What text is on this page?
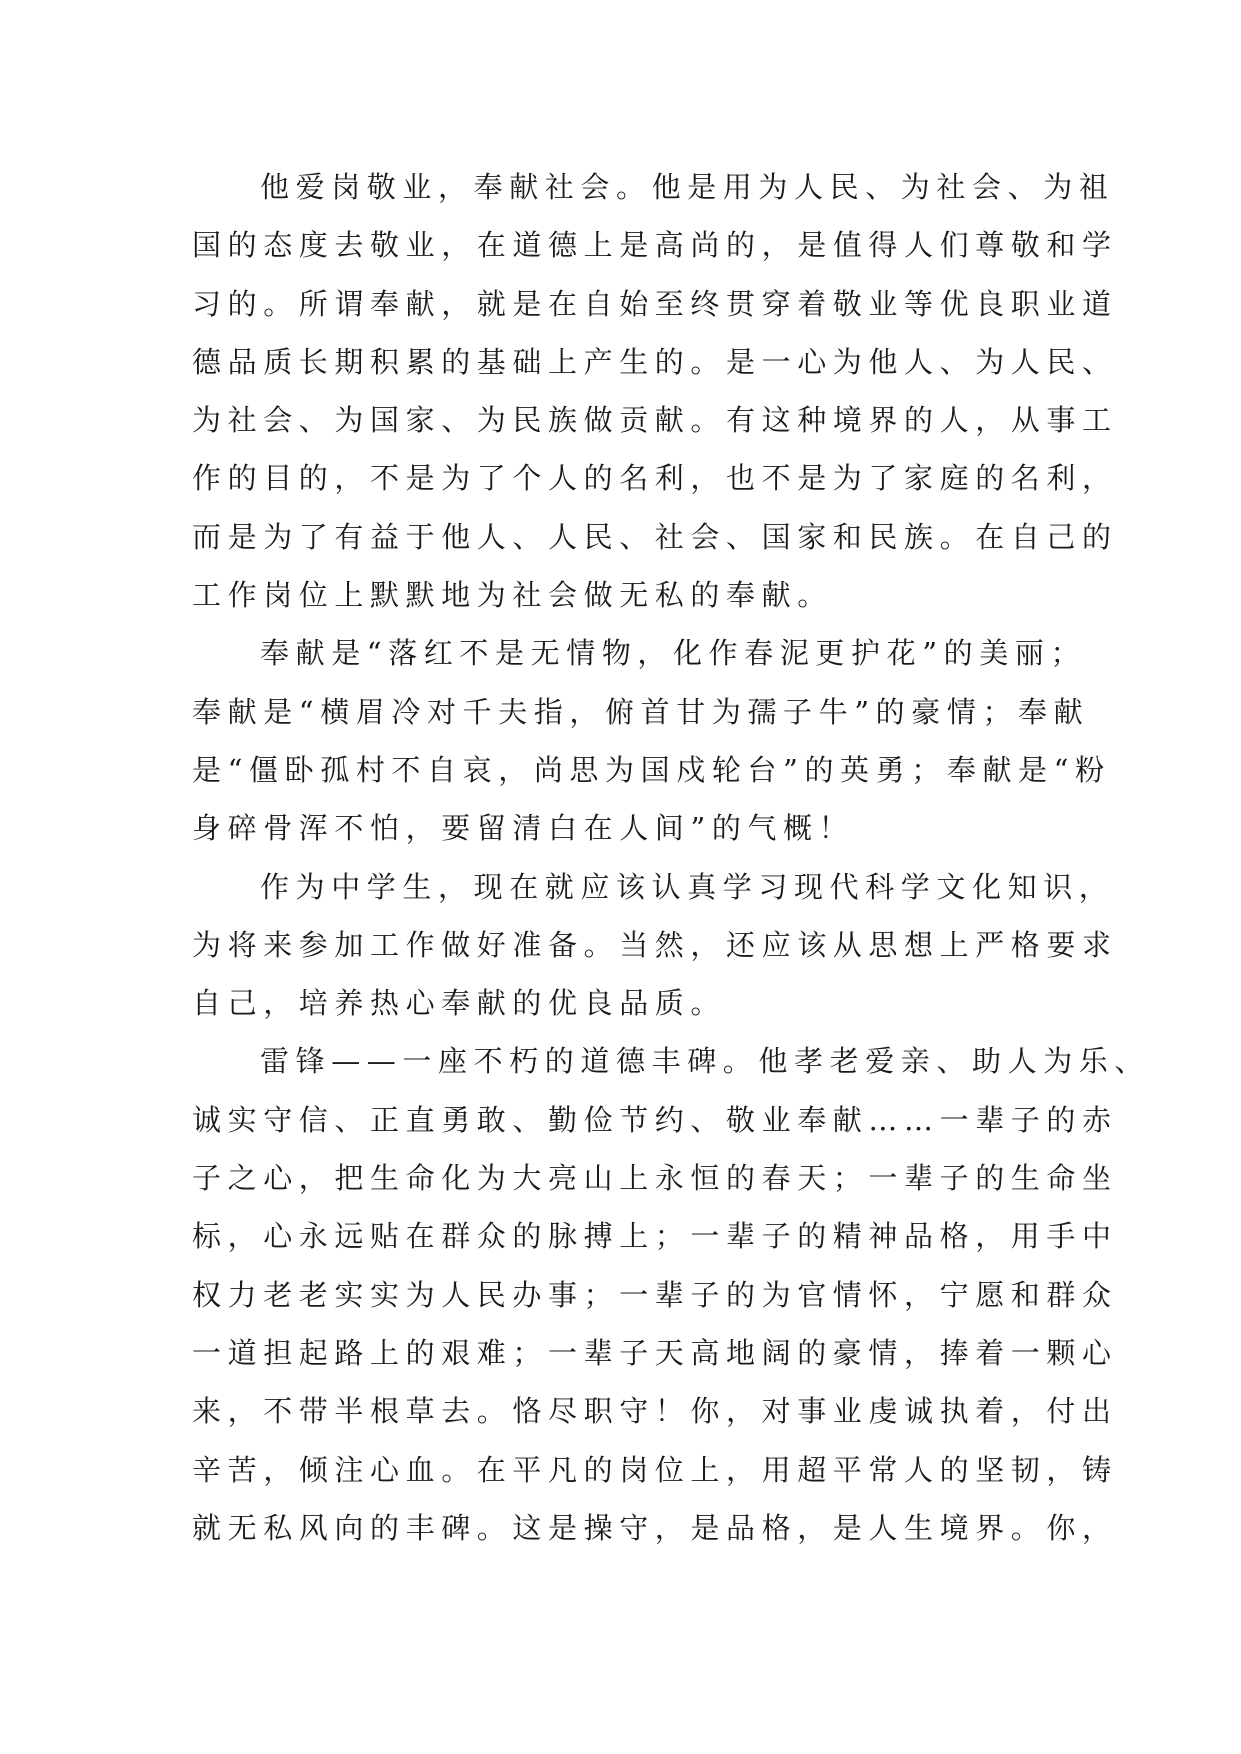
他爱岗敬业，奉献社会。他是用为人民、为社会、为祖
国的态度去敬业，在道德上是高尚的，是值得人们尊敬和学
习的。所谓奉献，就是在自始至终贯穿着敬业等优良职业道
德品质长期积累的基础上产生的。是一心为他人、为人民、
为社会、为国家、为民族做贡献。有这种境界的人，从事工
作的目的，不是为了个人的名利，也不是为了家庭的名利，
而是为了有益于他人、人民、社会、国家和民族。在自己的
工作岗位上默默地为社会做无私的奉献。
奉献是“落红不是无情物，化作春泥更护花”的美丽；
奉献是“横眉冷对千夫指，俯首甘为孺子牛”的豪情；奉献
是“僵卧孤村不自哀，尚思为国戍轮台”的英勇；奉献是“粉
身碎骨浑不怕，要留清白在人间”的气概！
作为中学生，现在就应该认真学习现代科学文化知识，
为将来参加工作做好准备。当然，还应该从思想上严格要求
自己，培养热心奉献的优良品质。
雷锋——一座不朽的道德丰碑。他孝老爱亲、助人为乐、
诚实守信、正直勇敢、勤俭节约、敬业奉献……一辈子的赤
子之心，把生命化为大亮山上永恒的春天；一辈子的生命坐
标，心永远贴在群众的脉搏上；一辈子的精神品格，用手中
权力老老实实为人民办事；一辈子的为官情怀，宁愿和群众
一道担起路上的艰难；一辈子天高地阔的豪情，捧着一颗心
来，不带半根草去。恪尽职守！你，对事业虔诚执着，付出
辛苦，倾注心血。在平凡的岗位上，用超平常人的坚韧，铸
就无私风向的丰碑。这是操守，是品格，是人生境界。你，
